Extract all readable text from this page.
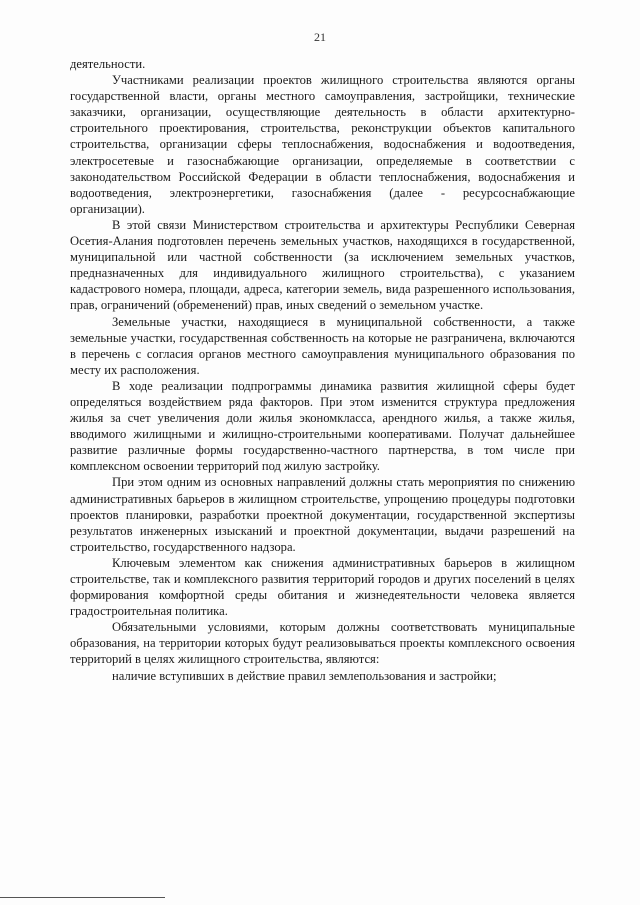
21

деятельности.

Участниками реализации проектов жилищного строительства являются органы государственной власти, органы местного самоуправления, застройщики, технические заказчики, организации, осуществляющие деятельность в области архитектурно-строительного проектирования, строительства, реконструкции объектов капитального строительства, организации сферы теплоснабжения, водоснабжения и водоотведения, электросетевые и газоснабжающие организации, определяемые в соответствии с законодательством Российской Федерации в области теплоснабжения, водоснабжения и водоотведения, электроэнергетики, газоснабжения (далее - ресурсоснабжающие организации).

В этой связи Министерством строительства и архитектуры Республики Северная Осетия-Алания подготовлен перечень земельных участков, находящихся в государственной, муниципальной или частной собственности (за исключением земельных участков, предназначенных для индивидуального жилищного строительства), с указанием кадастрового номера, площади, адреса, категории земель, вида разрешенного использования, прав, ограничений (обременений) прав, иных сведений о земельном участке.

Земельные участки, находящиеся в муниципальной собственности, а также земельные участки, государственная собственность на которые не разграничена, включаются в перечень с согласия органов местного самоуправления муниципального образования по месту их расположения.

В ходе реализации подпрограммы динамика развития жилищной сферы будет определяться воздействием ряда факторов. При этом изменится структура предложения жилья за счет увеличения доли жилья экономкласса, арендного жилья, а также жилья, вводимого жилищными и жилищно-строительными кооперативами. Получат дальнейшее развитие различные формы государственно-частного партнерства, в том числе при комплексном освоении территорий под жилую застройку.

При этом одним из основных направлений должны стать мероприятия по снижению административных барьеров в жилищном строительстве, упрощению процедуры подготовки проектов планировки, разработки проектной документации, государственной экспертизы результатов инженерных изысканий и проектной документации, выдачи разрешений на строительство, государственного надзора.

Ключевым элементом как снижения административных барьеров в жилищном строительстве, так и комплексного развития территорий городов и других поселений в целях формирования комфортной среды обитания и жизнедеятельности человека является градостроительная политика.

Обязательными условиями, которым должны соответствовать муниципальные образования, на территории которых будут реализовываться проекты комплексного освоения территорий в целях жилищного строительства, являются:

наличие вступивших в действие правил землепользования и застройки;
